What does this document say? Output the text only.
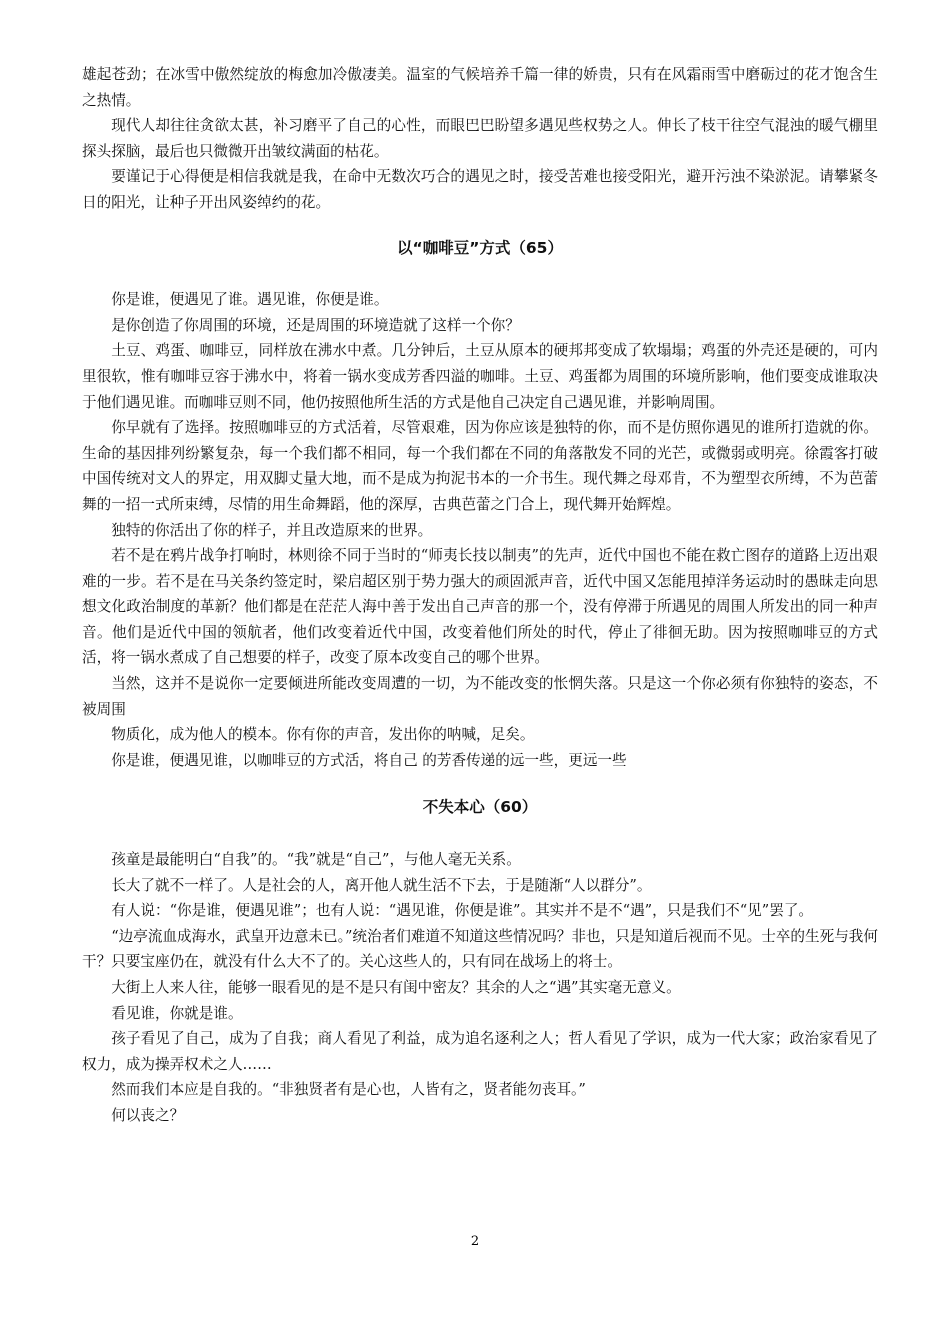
雄起苍劲；在冰雪中傲然绽放的梅愈加冷傲凄美。温室的气候培养千篇一律的娇贵，只有在风霜雨雪中磨砺过的花才饱含生之热情。

现代人却往往贪欲太甚，补习磨平了自己的心性，而眼巴巴盼望多遇见些权势之人。伸长了枝干往空气混浊的暖气棚里探头探脑，最后也只微微开出皱纹满面的枯花。

要谨记于心得便是相信我就是我，在命中无数次巧合的遇见之时，接受苦难也接受阳光，避开污浊不染淤泥。请攀紧冬日的阳光，让种子开出风姿绰约的花。

以“咖啡豆”方式（65）

你是谁，便遇见了谁。遇见谁，你便是谁。

是你创造了你周围的环境，还是周围的环境造就了这样一个你？

土豆、鸡蛋、咖啡豆，同样放在沸水中煮。几分钟后，土豆从原本的硬邦邦变成了软塌塌；鸡蛋的外壳还是硬的，可内里很软，惟有咖啡豆容于沸水中，将着一锅水变成芳香四溢的咖啡。土豆、鸡蛋都为周围的环境所影响，他们要变成谁取决于他们遇见谁。而咖啡豆则不同，他仍按照他所生活的方式是他自己决定自己遇见谁，并影响周围。

你早就有了选择。按照咖啡豆的方式活着，尽管艰难，因为你应该是独特的你，而不是仿照你遇见的谁所打造就的你。生命的基因排列纷繁复杂，每一个我们都不相同，每一个我们都在不同的角落散发不同的光芒，或微弱或明亮。徐霞客打破中国传统对文人的界定，用双脚丈量大地，而不是成为拘泥书本的一介书生。现代舞之母邓肯，不为塑型衣所缚，不为芭蕾舞的一招一式所束缚，尽情的用生命舞蹈，他的深厚，古典芭蕾之门合上，现代舞开始辉煌。

独特的你活出了你的样子，并且改造原来的世界。

若不是在鸦片战争打响时，林则徐不同于当时的“师夷长技以制夷”的先声，近代中国也不能在救亡图存的道路上迈出艰难的一步。若不是在马关条约签定时，梁启超区别于势力强大的顽固派声音，近代中国又怎能甩掉洋务运动时的愚昧走向思想文化政治制度的革新？他们都是在茫茫人海中善于发出自己声音的那一个，没有停滞于所遇见的周围人所发出的同一种声音。他们是近代中国的领航者，他们改变着近代中国，改变着他们所处的时代，停止了徘徊无助。因为按照咖啡豆的方式活，将一锅水煮成了自己想要的样子，改变了原本改变自己的哪个世界。

当然，这并不是说你一定要倾进所能改变周遭的一切，为不能改变的怅惘失落。只是这一个你必须有你独特的姿态，不被周围

物质化，成为他人的模本。你有你的声音，发出你的呐喊，足矣。

你是谁，便遇见谁，以咖啡豆的方式活，将自己 的芳香传递的远一些，更远一些

不失本心（60）

孩童是最能明白“自我”的。“我”就是“自己”，与他人毫无关系。

长大了就不一样了。人是社会的人，离开他人就生活不下去，于是随渐“人以群分”。

有人说：“你是谁，便遇见谁”；也有人说：“遇见谁，你便是谁”。其实并不是不“遇”，只是我们不“见”罢了。

“边亭流血成海水，武皇开边意未已。”统治者们难道不知道这些情况吗？非也，只是知道后视而不见。士卒的生死与我何干？只要宝座仍在，就没有什么大不了的。关心这些人的，只有同在战场上的将士。

大街上人来人往，能够一眼看见的是不是只有闺中密友？其余的人之“遇”其实毫无意义。

看见谁，你就是谁。

孩子看见了自己，成为了自我；商人看见了利益，成为追名逐利之人；哲人看见了学识，成为一代大家；政治家看见了权力，成为操弄权术之人……

然而我们本应是自我的。“非独贤者有是心也，人皆有之，贤者能勿丧耳。”

何以丧之？

2
